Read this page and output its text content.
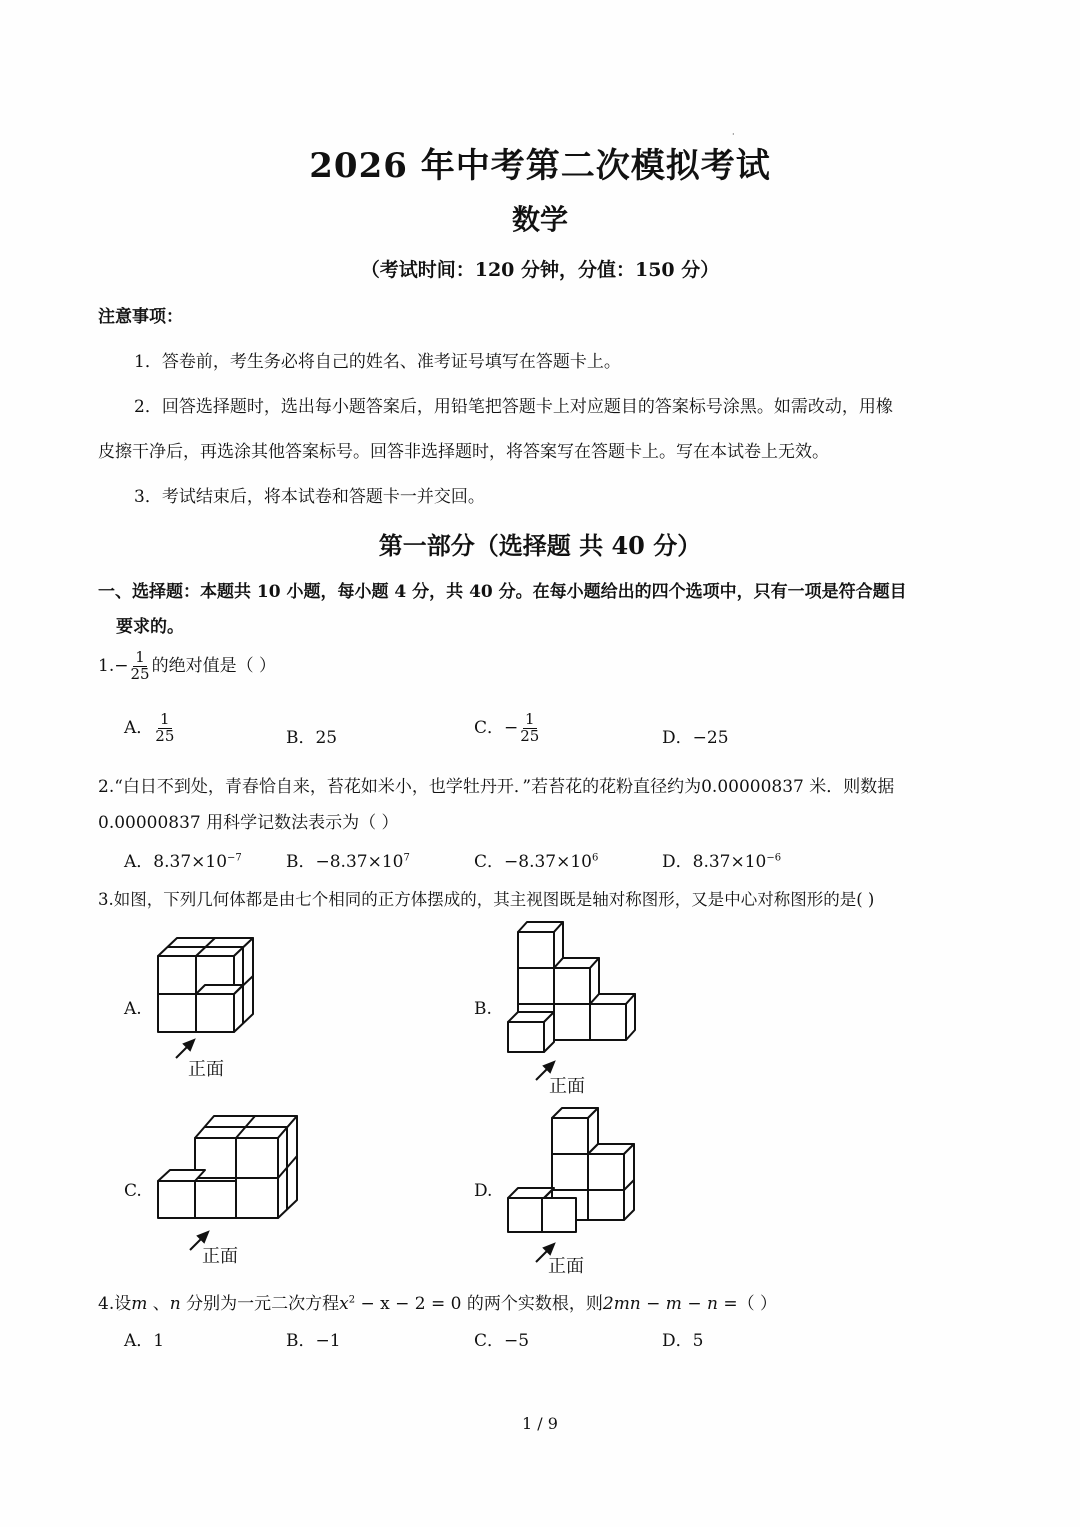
·
2026 年中考第二次模拟考试
数学
（考试时间：120 分钟，分值：150 分）
注意事项：
1．答卷前，考生务必将自己的姓名、准考证号填写在答题卡上。
2．回答选择题时，选出每小题答案后，用铅笔把答题卡上对应题目的答案标号涂黑。如需改动，用橡
皮擦干净后，再选涂其他答案标号。回答非选择题时，将答案写在答题卡上。写在本试卷上无效。
3．考试结束后，将本试卷和答题卡一并交回。
第一部分（选择题 共 40 分）
一、选择题：本题共 10 小题，每小题 4 分，共 40 分。在每小题给出的四个选项中，只有一项是符合题目
要求的。
$1.- \frac{1}{25}$ 的绝对值是（ ）
A． $\frac{1}{25}$	B．25
C．− $\frac{1}{25}$	D．−25
2.“白日不到处，青春恰自来，苔花如米小，也学牡丹开．”若苔花的花粉直径约为0.00000837 米．则数据
0.00000837 用科学记数法表示为（ ）
A．$8.37\times 10^{-7}$	B．$-8.37\times 10^7$	C．$-8.37\times 10^6$	D．$8.37\times 10^{-6}$
3.如图，下列几何体都是由七个相同的正方体摆成的，其主视图既是轴对称图形，又是中心对称图形的是( )
A.	B.
C.	D.
正面
正面
正面	正面
4.设m 、n 分别为一元二次方程$x^2 - x - 2 = 0$ 的两个实数根，则2mn − m − n =（ ）
A．1	B．−1	C．−5	D．5
1 / 9
